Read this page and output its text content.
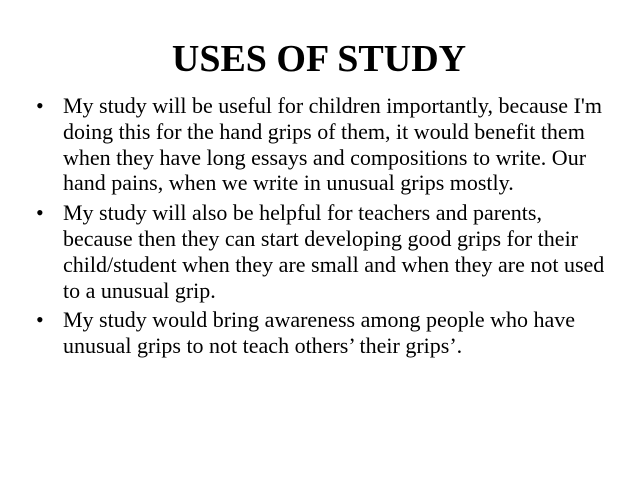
USES OF STUDY
• My study will be useful for children importantly, because I'm doing this for the hand grips of them, it would benefit them when they have long essays and compositions to write. Our hand pains, when we write in unusual grips mostly.
• My study will also be helpful for teachers and parents, because then they can start developing good grips for their child/student when they are small and when they are not used to a unusual grip.
• My study would bring awareness among people who have unusual grips to not teach others’ their grips’.
